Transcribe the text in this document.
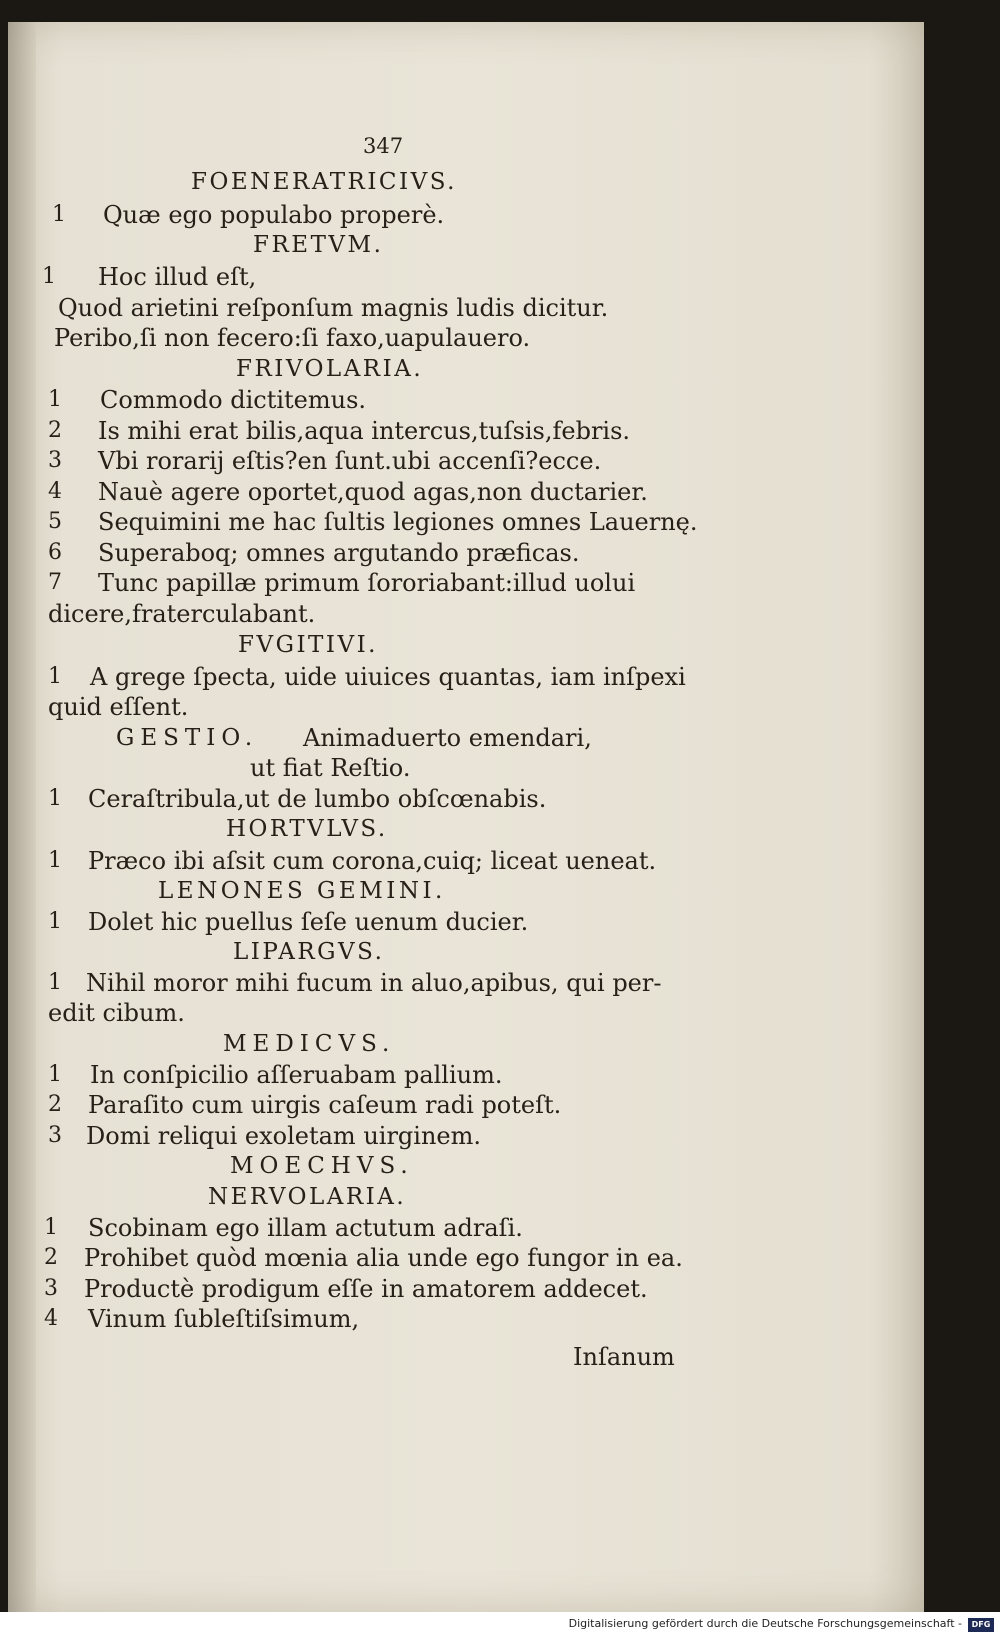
347
FOENERATRICIVS.
1 Quæ ego populabo properè.
FRETVM.
1 Hoc illud eſt,
Quod arietini reſponſum magnis ludis dicitur.
Peribo,ſi non fecero:ſi faxo,uapulauero.
FRIVOLARIA.
1 Commodo dictitemus.
2 Is mihi erat bilis,aqua intercus,tuſsis,febris.
3 Vbi rorarij eſtis?en ſunt.ubi accenſi?ecce.
4 Nauè agere oportet,quod agas,non ductarier.
5 Sequimini me hac ſultis legiones omnes Lauernę.
6 Superaboq; omnes argutando præficas.
7 Tunc papillæ primum ſororiabant:illud uolui
dicere,fraterculabant.
FVGITIVI.
1 A grege ſpecta, uide uiuices quantas, iam inſpexi
quid eſſent.
GESTIO. Animaduerto emendari,
ut fiat Reſtio.
1 Ceraſtribula,ut de lumbo obſcœnabis.
HORTVLVS.
1 Præco ibi aſsit cum corona,cuiq; liceat ueneat.
LENONES GEMINI.
1 Dolet hic puellus ſeſe uenum ducier.
LIPARGVS.
1 Nihil moror mihi fucum in aluo,apibus, qui per-
edit cibum.
MEDICVS.
1 In conſpicilio aſſeruabam pallium.
2 Paraſito cum uirgis caſeum radi poteſt.
3 Domi reliqui exoletam uirginem.
MOECHVS.
NERVOLARIA.
1 Scobinam ego illam actutum adraſi.
2 Prohibet quòd mœnia alia unde ego fungor in ea.
3 Productè prodigum eſſe in amatorem addecet.
4 Vinum ſubleſtiſsimum,
Inſanum
Digitalisierung gefördert durch die Deutsche Forschungsgemeinschaft -	DFG
